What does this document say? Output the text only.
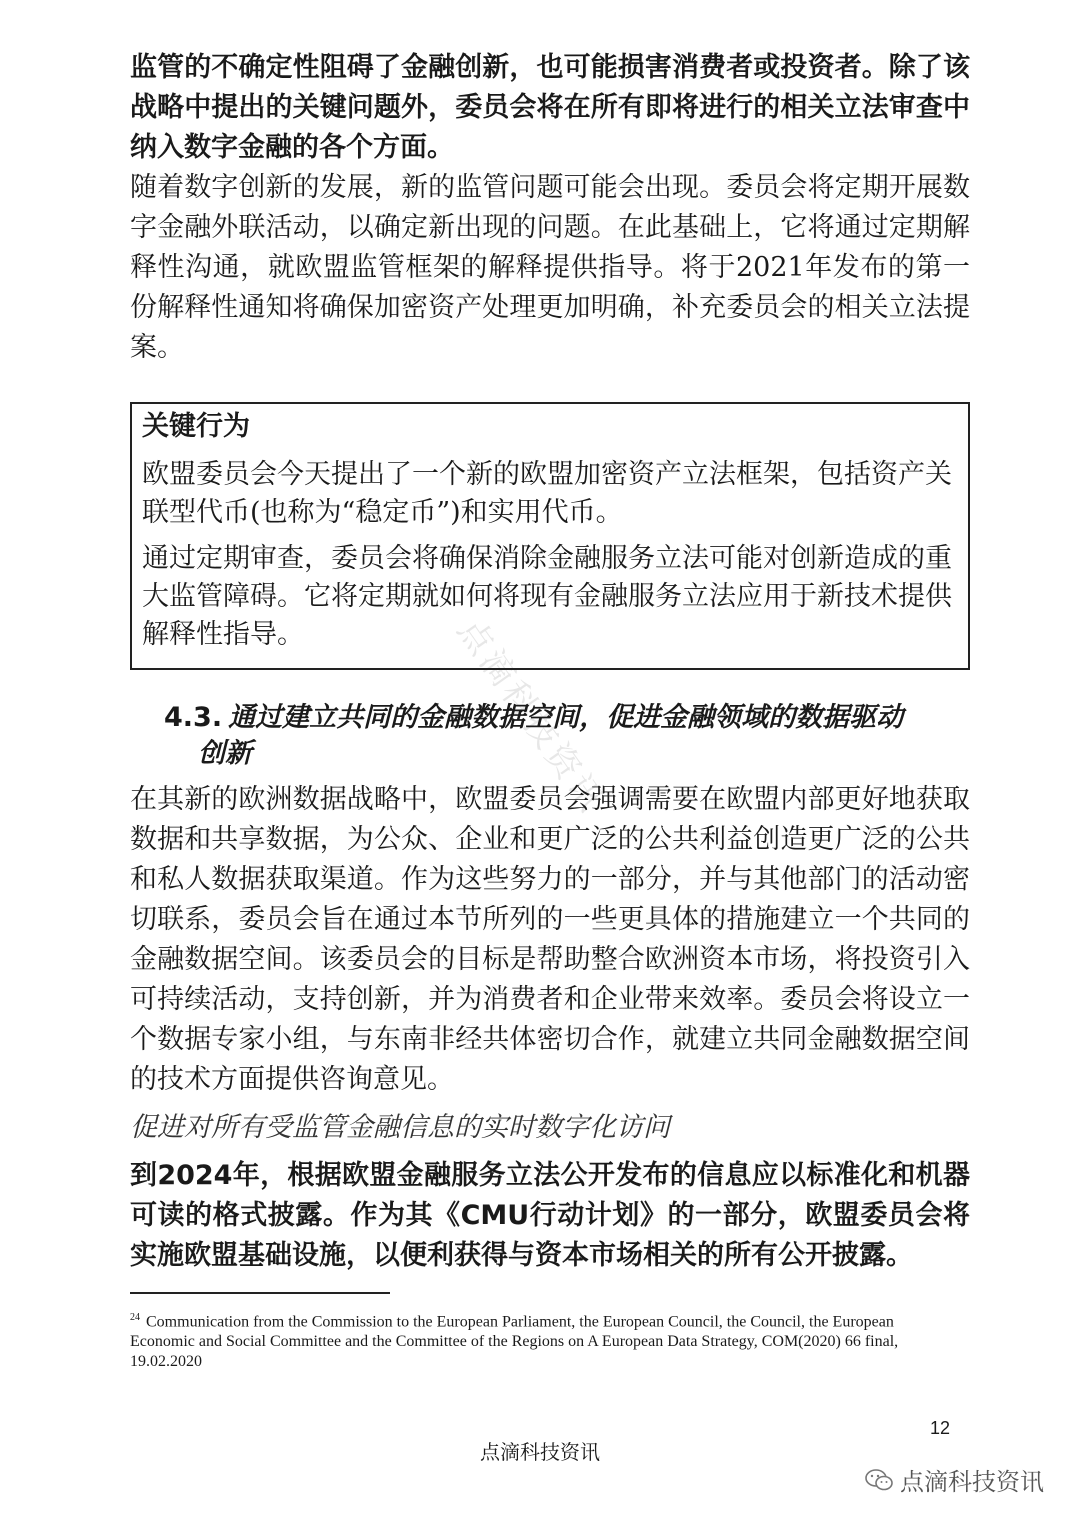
点滴科技资讯

监管的不确定性阻碍了金融创新，也可能损害消费者或投资者。除了该战略中提出的关键问题外，委员会将在所有即将进行的相关立法审查中纳入数字金融的各个方面。

随着数字创新的发展，新的监管问题可能会出现。委员会将定期开展数字金融外联活动，以确定新出现的问题。在此基础上，它将通过定期解释性沟通，就欧盟监管框架的解释提供指导。将于2021年发布的第一份解释性通知将确保加密资产处理更加明确，补充委员会的相关立法提案。

关键行为

欧盟委员会今天提出了一个新的欧盟加密资产立法框架，包括资产关联型代币(也称为“稳定币”)和实用代币。

通过定期审查，委员会将确保消除金融服务立法可能对创新造成的重大监管障碍。它将定期就如何将现有金融服务立法应用于新技术提供解释性指导。

4.3. 通过建立共同的金融数据空间，促进金融领域的数据驱动
创新

在其新的欧洲数据战略中，欧盟委员会强调需要在欧盟内部更好地获取数据和共享数据，为公众、企业和更广泛的公共利益创造更广泛的公共和私人数据获取渠道。作为这些努力的一部分，并与其他部门的活动密切联系，委员会旨在通过本节所列的一些更具体的措施建立一个共同的金融数据空间。该委员会的目标是帮助整合欧洲资本市场，将投资引入可持续活动，支持创新，并为消费者和企业带来效率。委员会将设立一个数据专家小组，与东南非经共体密切合作，就建立共同金融数据空间的技术方面提供咨询意见。

促进对所有受监管金融信息的实时数字化访问

到2024年，根据欧盟金融服务立法公开发布的信息应以标准化和机器可读的格式披露。作为其《CMU行动计划》的一部分，欧盟委员会将实施欧盟基础设施，以便利获得与资本市场相关的所有公开披露。

$^{24}$ Communication from the Commission to the European Parliament, the European Council, the Council, the European Economic and Social Committee and the Committee of the Regions on A European Data Strategy, COM(2020) 66 final, 19.02.2020
12
点滴科技资讯
点滴科技资讯
